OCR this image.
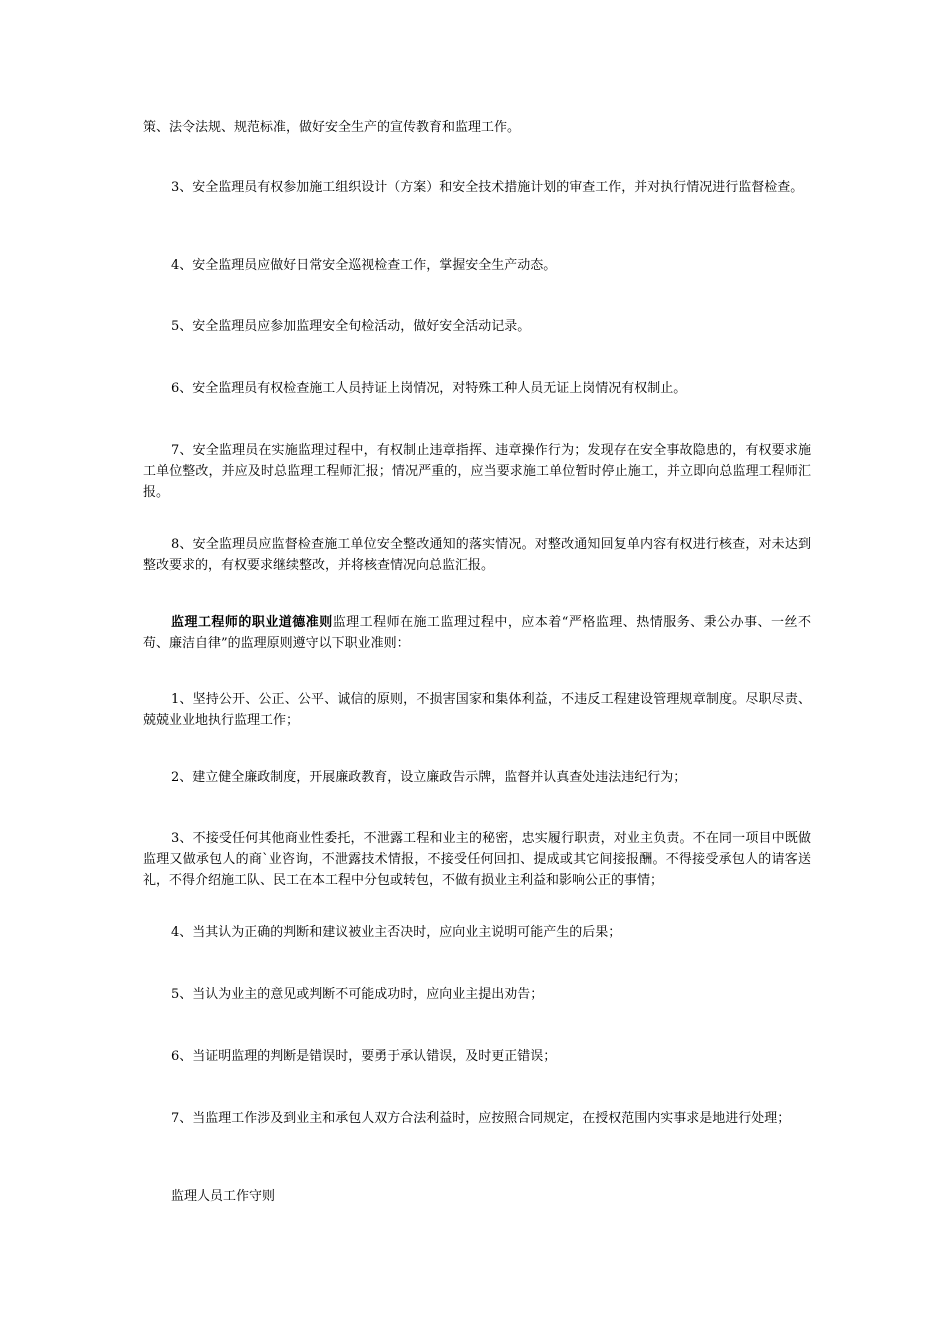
策、法令法规、规范标准，做好安全生产的宣传教育和监理工作。

3、安全监理员有权参加施工组织设计（方案）和安全技术措施计划的审查工作，并对执行情况进行监督检查。

4、安全监理员应做好日常安全巡视检查工作，掌握安全生产动态。

5、安全监理员应参加监理安全旬检活动，做好安全活动记录。

6、安全监理员有权检查施工人员持证上岗情况，对特殊工种人员无证上岗情况有权制止。

7、安全监理员在实施监理过程中，有权制止违章指挥、违章操作行为；发现存在安全事故隐患的，有权要求施工单位整改，并应及时总监理工程师汇报；情况严重的，应当要求施工单位暂时停止施工，并立即向总监理工程师汇报。

8、安全监理员应监督检查施工单位安全整改通知的落实情况。对整改通知回复单内容有权进行核查，对未达到整改要求的，有权要求继续整改，并将核查情况向总监汇报。

监理工程师的职业道德准则监理工程师在施工监理过程中，应本着“严格监理、热情服务、秉公办事、一丝不苟、廉洁自律”的监理原则遵守以下职业准则：

1、坚持公开、公正、公平、诚信的原则，不损害国家和集体利益，不违反工程建设管理规章制度。尽职尽责、兢兢业业地执行监理工作；

2、建立健全廉政制度，开展廉政教育，设立廉政告示牌，监督并认真查处违法违纪行为；

3、不接受任何其他商业性委托，不泄露工程和业主的秘密，忠实履行职责，对业主负责。不在同一项目中既做监理又做承包人的商`业咨询，不泄露技术情报，不接受任何回扣、提成或其它间接报酬。不得接受承包人的请客送礼，不得介绍施工队、民工在本工程中分包或转包，不做有损业主利益和影响公正的事情；

4、当其认为正确的判断和建议被业主否决时，应向业主说明可能产生的后果；

5、当认为业主的意见或判断不可能成功时，应向业主提出劝告；

6、当证明监理的判断是错误时，要勇于承认错误，及时更正错误；

7、当监理工作涉及到业主和承包人双方合法利益时，应按照合同规定，在授权范围内实事求是地进行处理；

监理人员工作守则
